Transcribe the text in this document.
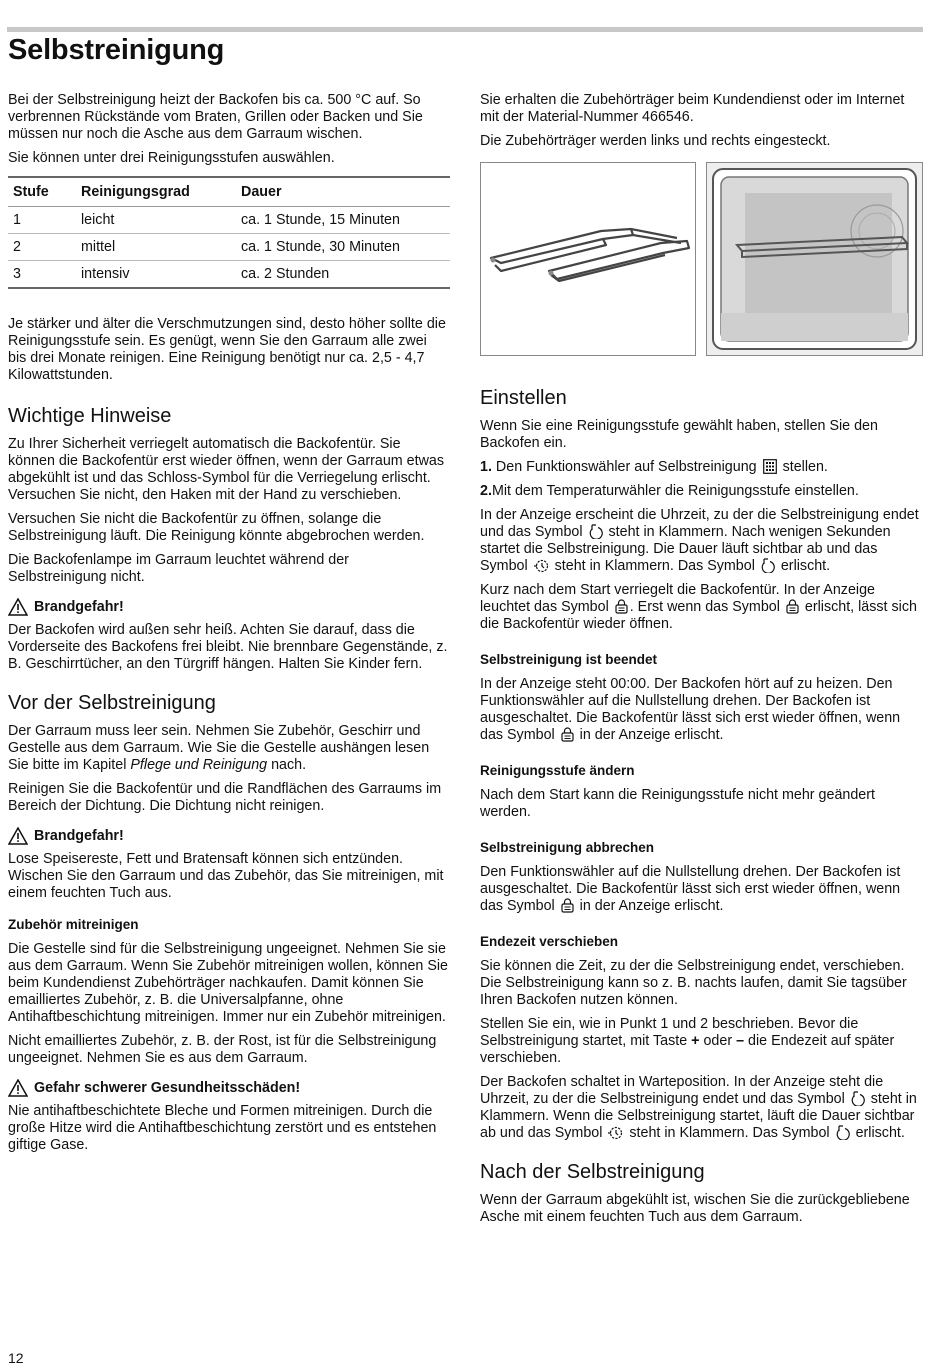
Selbstreinigung

Bei der Selbstreinigung heizt der Backofen bis ca. 500 °C auf. So verbrennen Rückstände vom Braten, Grillen oder Backen und Sie müssen nur noch die Asche aus dem Garraum wischen.

Sie können unter drei Reinigungsstufen auswählen.

Stufe	Reinigungsgrad	Dauer
1	leicht	ca. 1 Stunde, 15 Minuten
2	mittel	ca. 1 Stunde, 30 Minuten
3	intensiv	ca. 2 Stunden

Je stärker und älter die Verschmutzungen sind, desto höher sollte die Reinigungsstufe sein. Es genügt, wenn Sie den Garraum alle zwei bis drei Monate reinigen. Eine Reinigung benötigt nur ca. 2,5 - 4,7 Kilowattstunden.

Wichtige Hinweise

Zu Ihrer Sicherheit verriegelt automatisch die Backofentür. Sie können die Backofentür erst wieder öffnen, wenn der Garraum etwas abgekühlt ist und das Schloss-Symbol für die Verriegelung erlischt. Versuchen Sie nicht, den Haken mit der Hand zu verschieben.

Versuchen Sie nicht die Backofentür zu öffnen, solange die Selbstreinigung läuft. Die Reinigung könnte abgebrochen werden.

Die Backofenlampe im Garraum leuchtet während der Selbstreinigung nicht.

Brandgefahr!

Der Backofen wird außen sehr heiß. Achten Sie darauf, dass die Vorderseite des Backofens frei bleibt. Nie brennbare Gegenstände, z. B. Geschirrtücher, an den Türgriff hängen. Halten Sie Kinder fern.

Vor der Selbstreinigung

Der Garraum muss leer sein. Nehmen Sie Zubehör, Geschirr und Gestelle aus dem Garraum. Wie Sie die Gestelle aushängen lesen Sie bitte im Kapitel Pflege und Reinigung nach.

Reinigen Sie die Backofentür und die Randflächen des Garraums im Bereich der Dichtung. Die Dichtung nicht reinigen.

Brandgefahr!

Lose Speisereste, Fett und Bratensaft können sich entzünden. Wischen Sie den Garraum und das Zubehör, das Sie mitreinigen, mit einem feuchten Tuch aus.

Zubehör mitreinigen

Die Gestelle sind für die Selbstreinigung ungeeignet. Nehmen Sie sie aus dem Garraum. Wenn Sie Zubehör mitreinigen wollen, können Sie beim Kundendienst Zubehörträger nachkaufen. Damit können Sie emailliertes Zubehör, z. B. die Universalpfanne, ohne Antihaftbeschichtung mitreinigen. Immer nur ein Zubehör mitreinigen.

Nicht emailliertes Zubehör, z. B. der Rost, ist für die Selbstreinigung ungeeignet. Nehmen Sie es aus dem Garraum.

Gefahr schwerer Gesundheitsschäden!

Nie antihaftbeschichtete Bleche und Formen mitreinigen. Durch die große Hitze wird die Antihaftbeschichtung zerstört und es entstehen giftige Gase.

Sie erhalten die Zubehörträger beim Kundendienst oder im Internet mit der Material-Nummer 466546.

Die Zubehörträger werden links und rechts eingesteckt.

Einstellen

Wenn Sie eine Reinigungsstufe gewählt haben, stellen Sie den Backofen ein.

1. Den Funktionswähler auf Selbstreinigung stellen.
2.Mit dem Temperaturwähler die Reinigungsstufe einstellen.

In der Anzeige erscheint die Uhrzeit, zu der die Selbstreinigung endet und das Symbol steht in Klammern. Nach wenigen Sekunden startet die Selbstreinigung. Die Dauer läuft sichtbar ab und das Symbol steht in Klammern. Das Symbol erlischt.

Kurz nach dem Start verriegelt die Backofentür. In der Anzeige leuchtet das Symbol . Erst wenn das Symbol erlischt, lässt sich die Backofentür wieder öffnen.

Selbstreinigung ist beendet

In der Anzeige steht 00:00. Der Backofen hört auf zu heizen. Den Funktionswähler auf die Nullstellung drehen. Der Backofen ist ausgeschaltet. Die Backofentür lässt sich erst wieder öffnen, wenn das Symbol in der Anzeige erlischt.

Reinigungsstufe ändern

Nach dem Start kann die Reinigungsstufe nicht mehr geändert werden.

Selbstreinigung abbrechen

Den Funktionswähler auf die Nullstellung drehen. Der Backofen ist ausgeschaltet. Die Backofentür lässt sich erst wieder öffnen, wenn das Symbol in der Anzeige erlischt.

Endezeit verschieben

Sie können die Zeit, zu der die Selbstreinigung endet, verschieben. Die Selbstreinigung kann so z. B. nachts laufen, damit Sie tagsüber Ihren Backofen nutzen können.

Stellen Sie ein, wie in Punkt 1 und 2 beschrieben. Bevor die Selbstreinigung startet, mit Taste + oder – die Endezeit auf später verschieben.

Der Backofen schaltet in Warteposition. In der Anzeige steht die Uhrzeit, zu der die Selbstreinigung endet und das Symbol steht in Klammern. Wenn die Selbstreinigung startet, läuft die Dauer sichtbar ab und das Symbol steht in Klammern. Das Symbol erlischt.

Nach der Selbstreinigung

Wenn der Garraum abgekühlt ist, wischen Sie die zurückgebliebene Asche mit einem feuchten Tuch aus dem Garraum.

12
